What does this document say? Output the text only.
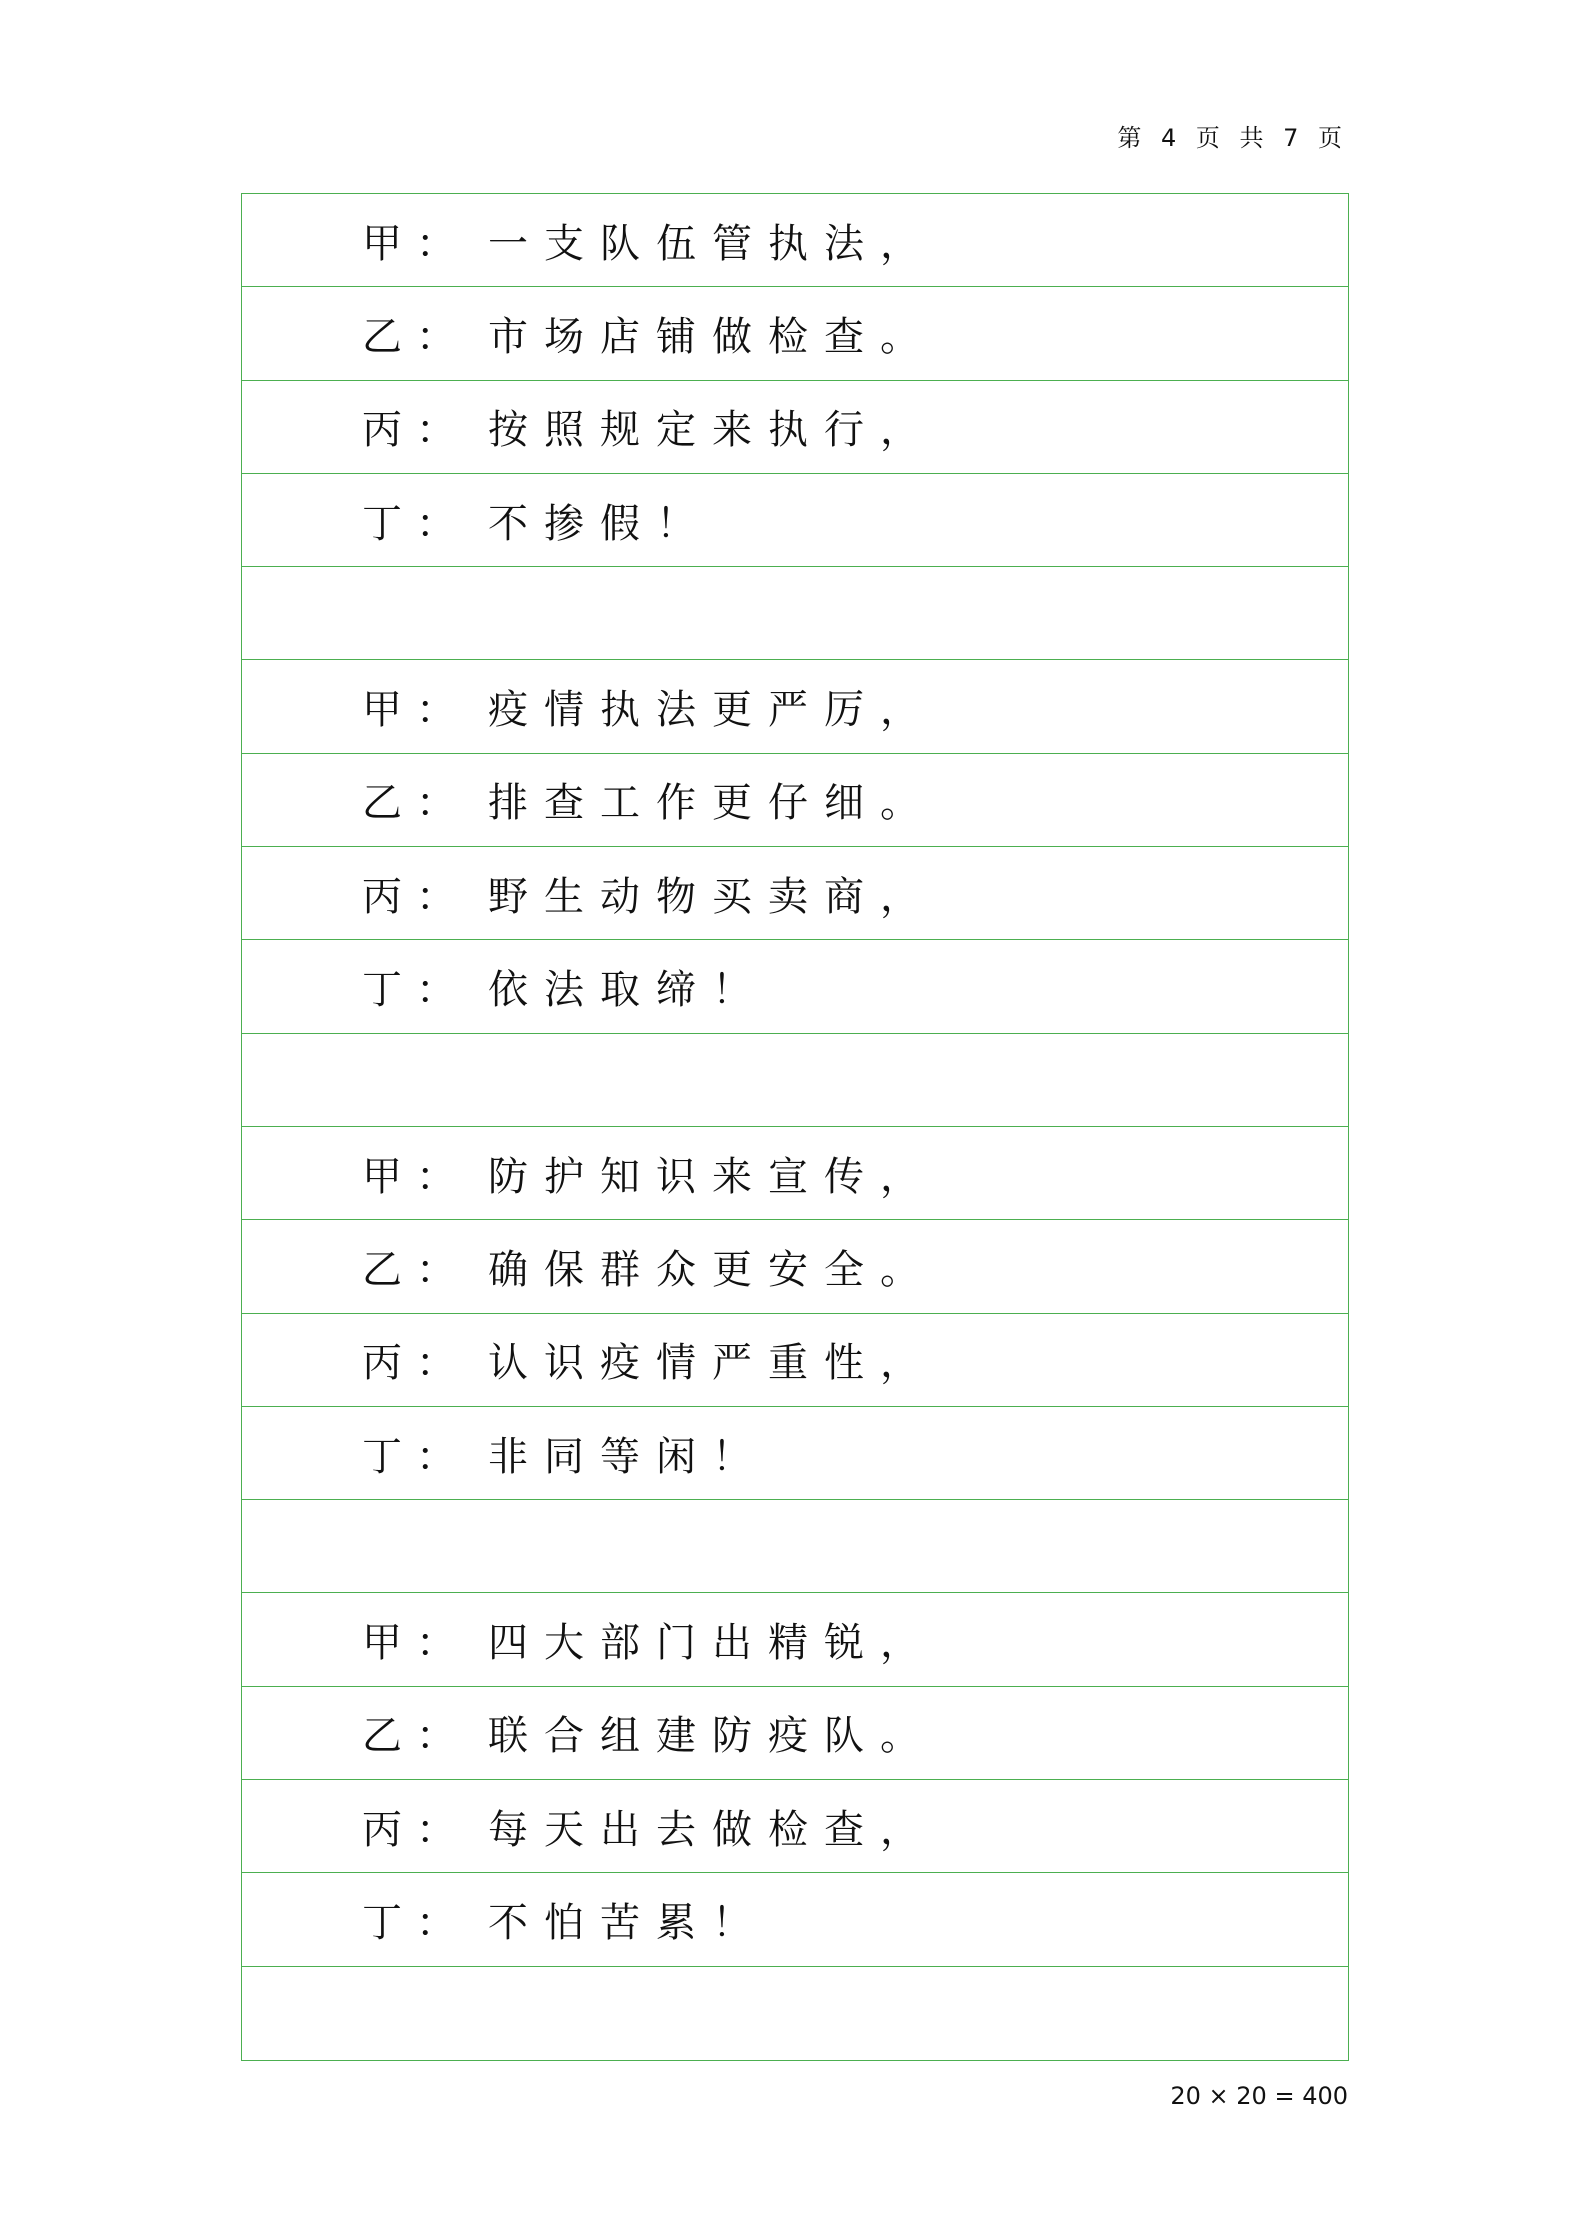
第 4 页 共 7 页
甲： 一支队伍管执法，
乙： 市场店铺做检查。
丙： 按照规定来执行，
丁： 不掺假！
甲： 疫情执法更严厉，
乙： 排查工作更仔细。
丙： 野生动物买卖商，
丁： 依法取缔！
甲： 防护知识来宣传，
乙： 确保群众更安全。
丙： 认识疫情严重性，
丁： 非同等闲！
甲： 四大部门出精锐，
乙： 联合组建防疫队。
丙： 每天出去做检查，
丁： 不怕苦累！
20 × 20 = 400
